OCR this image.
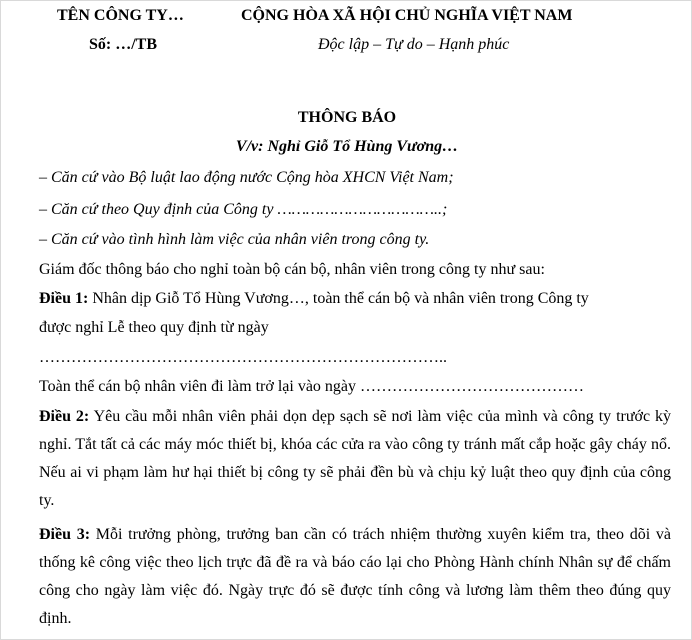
TÊN CÔNG TY…
Số: …/TB
CỘNG HÒA XÃ HỘI CHỦ NGHĨA VIỆT NAM
Độc lập – Tự do – Hạnh phúc
THÔNG BÁO
V/v: Nghỉ Giỗ Tổ Hùng Vương…
– Căn cứ vào Bộ luật lao động nước Cộng hòa XHCN Việt Nam;
– Căn cứ theo Quy định của Công ty ……………………………..;
– Căn cứ vào tình hình làm việc của nhân viên trong công ty.
Giám đốc thông báo cho nghỉ toàn bộ cán bộ, nhân viên trong công ty như sau:
Điều 1: Nhân dịp Giỗ Tổ Hùng Vương…, toàn thể cán bộ và nhân viên trong Công ty
được nghỉ Lễ theo quy định từ ngày
…………………………………………………………………..
Toàn thể cán bộ nhân viên đi làm trở lại vào ngày ……………………………………
Điều 2: Yêu cầu mỗi nhân viên phải dọn dẹp sạch sẽ nơi làm việc của mình và công ty trước kỳ nghỉ. Tắt tất cả các máy móc thiết bị, khóa các cửa ra vào công ty tránh mất cắp hoặc gây cháy nổ. Nếu ai vi phạm làm hư hại thiết bị công ty sẽ phải đền bù và chịu kỷ luật theo quy định của công ty.
Điều 3: Mỗi trưởng phòng, trưởng ban cần có trách nhiệm thường xuyên kiểm tra, theo dõi và thống kê công việc theo lịch trực đã đề ra và báo cáo lại cho Phòng Hành chính Nhân sự để chấm công cho ngày làm việc đó. Ngày trực đó sẽ được tính công và lương làm thêm theo đúng quy định.
